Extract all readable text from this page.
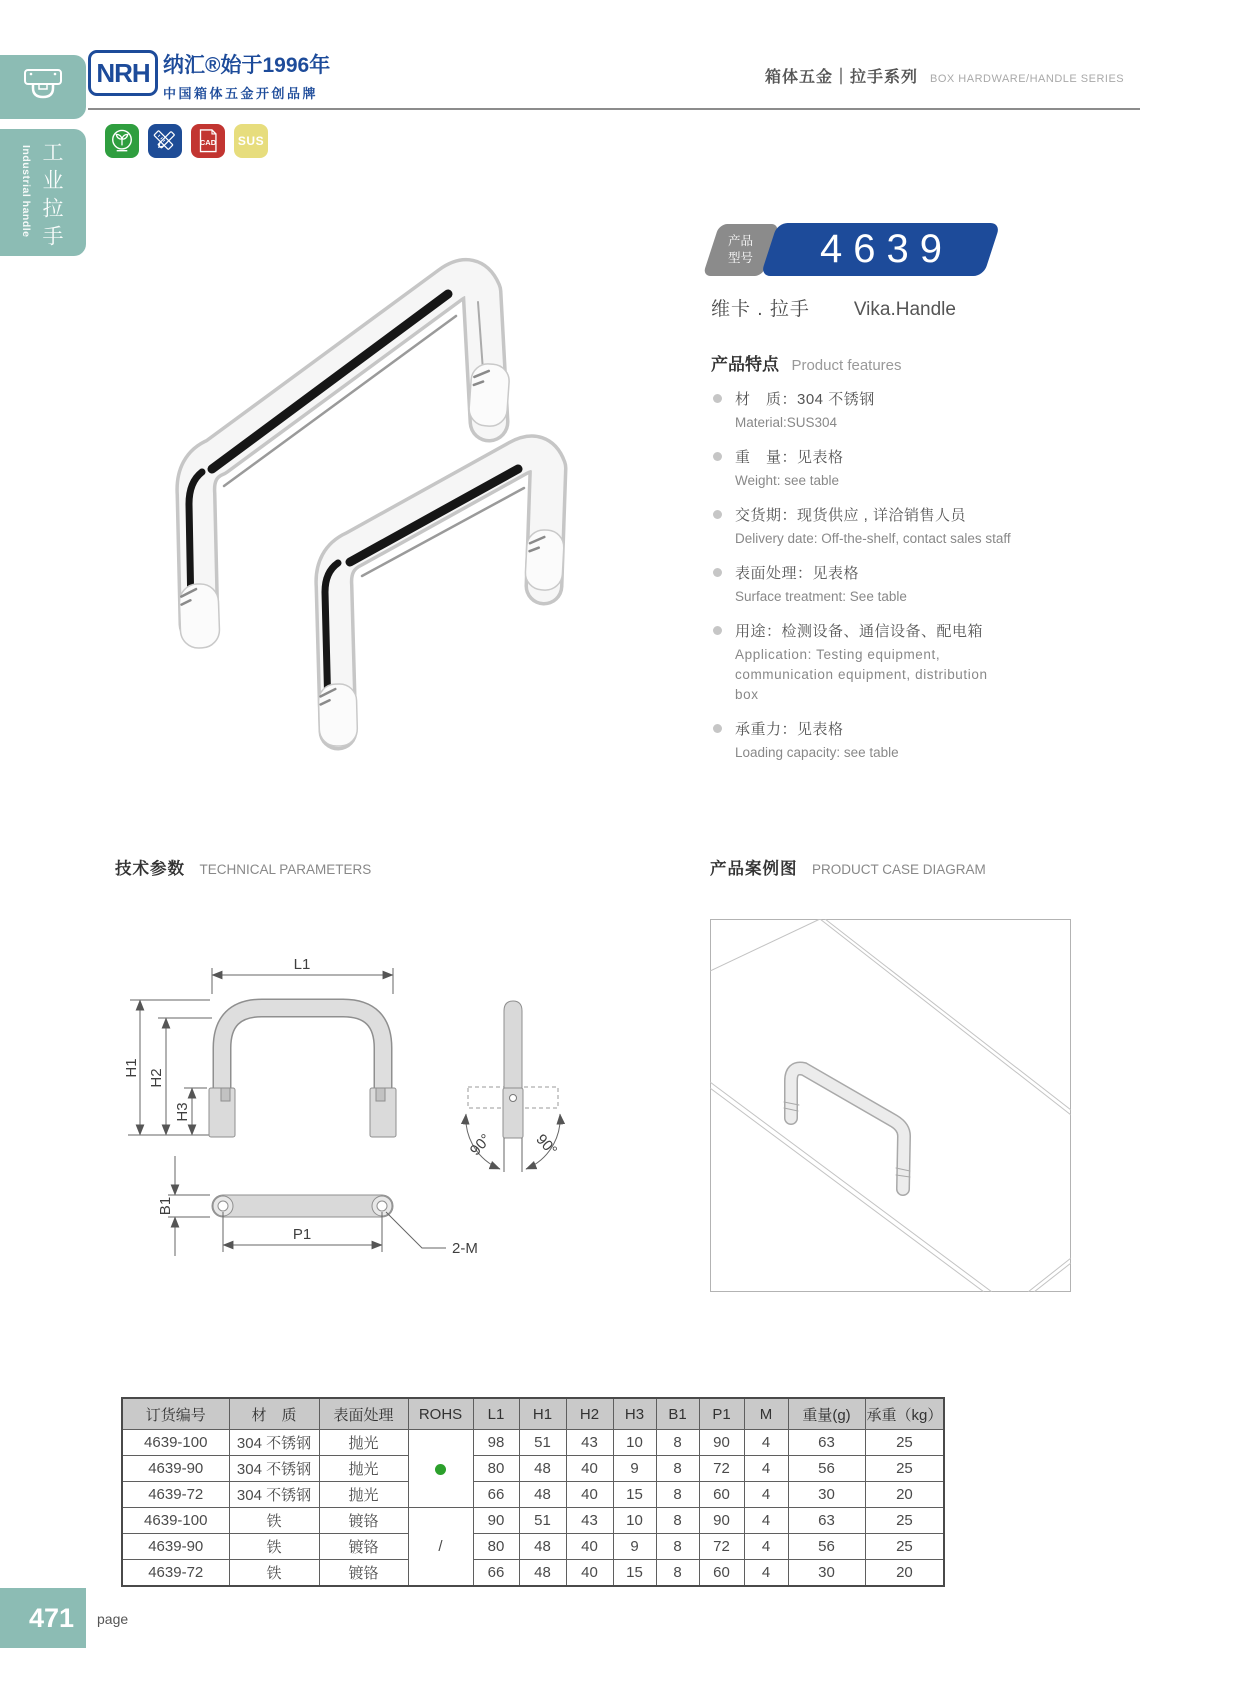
Industrial handle 工业拉手
NRH 纳汇®始于1996年
中国箱体五金开创品牌
箱体五金｜拉手系列 BOX HARDWARE/HANDLE SERIES
CAD SUS
产品
型号 4639
维卡 . 拉手 Vika.Handle
产品特点 Product features
材　质：304 不锈钢
Material:SUS304
重　量：见表格
Weight: see table
交货期：现货供应 , 详洽销售人员
Delivery date: Off-the-shelf, contact sales staff
表面处理：见表格
Surface treatment: See table
用途：检测设备、通信设备、配电箱
Application: Testing equipment, communication equipment, distribution box
承重力：见表格
Loading capacity: see table
技术参数 TECHNICAL PARAMETERS	产品案例图 PRODUCT CASE DIAGRAM
L1
H1
H2
H3
B1
P1
90°	90°
2-M
订货编号	材　质	表面处理	ROHS	L1	H1	H2	H3	B1	P1	M	重量(g)	承重（kg）
4639-100	304 不锈钢	抛光		98	51	43	10	8	90	4	63	25
4639-90	304 不锈钢	抛光		80	48	40	9	8	72	4	56	25
4639-72	304 不锈钢	抛光		66	48	40	15	8	60	4	30	20
4639-100	铁	镀铬	/	90	51	43	10	8	90	4	63	25
4639-90	铁	镀铬		80	48	40	9	8	72	4	56	25
4639-72	铁	镀铬		66	48	40	15	8	60	4	30	20
471	page
